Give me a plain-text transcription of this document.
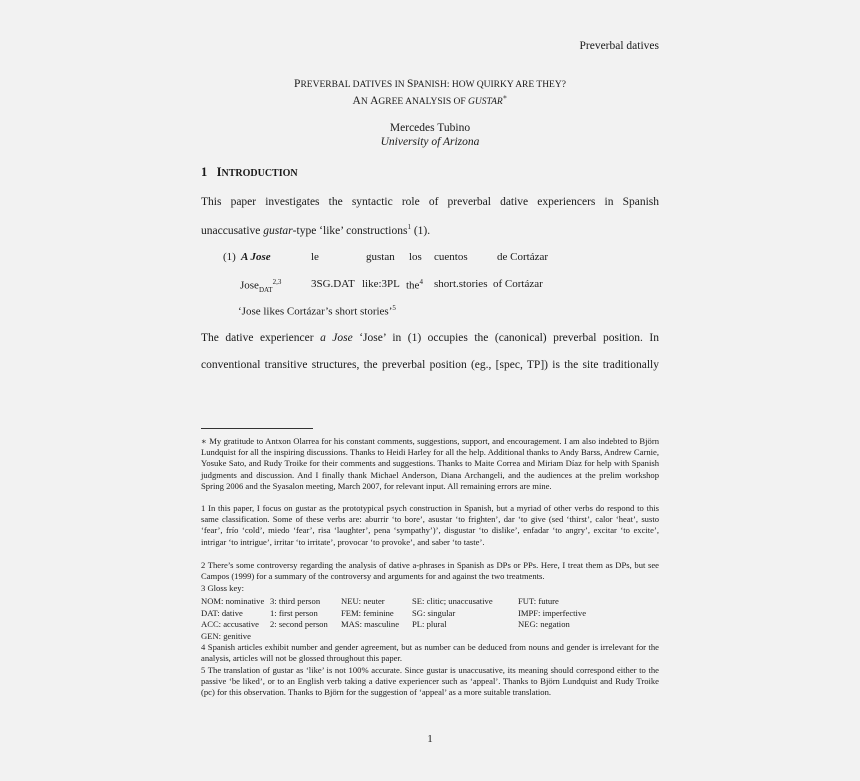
Preverbal datives
PREVERBAL DATIVES IN SPANISH: HOW QUIRKY ARE THEY?
AN AGREE ANALYSIS OF GUSTAR∗
Mercedes Tubino
University of Arizona
1 INTRODUCTION
This paper investigates the syntactic role of preverbal dative experiencers in Spanish
unaccusative gustar-type ‘like’ constructions$^1$ (1).
(1) A Jose	le	gustan los cuentos	de Cortázar
Jose$_{DAT}^{2,3}$	3SG.DAT like:3PL the$^4$ short.stories of Cortázar
‘Jose likes Cortázar’s short stories’$^5$
The dative experiencer a Jose ‘Jose’ in (1) occupies the (canonical) preverbal position. In
conventional transitive structures, the preverbal position (eg., [spec, TP]) is the site traditionally
∗ My gratitude to Antxon Olarrea for his constant comments, suggestions, support, and encouragement. I am also indebted to Björn Lundquist for all the inspiring discussions. Thanks to Heidi Harley for all the help. Additional thanks to Andy Barss, Andrew Carnie, Yosuke Sato, and Rudy Troike for their comments and suggestions. Thanks to Maite Correa and Miriam Díaz for help with Spanish judgments and discussion. And I finally thank Michael Anderson, Diana Archangeli, and the audiences at the prelim workshop Spring 2006 and the Syasalon meeting, March 2007, for relevant input. All remaining errors are mine.
1 In this paper, I focus on gustar as the prototypical psych construction in Spanish, but a myriad of other verbs do respond to this same classification. Some of these verbs are: aburrir ‘to bore’, asustar ‘to frighten’, dar ‘to give (sed ‘thirst’, calor ‘heat’, susto ‘fear’, frío ‘cold’, miedo ‘fear’, risa ‘laughter’, pena ‘sympathy’)’, disgustar ‘to dislike’, enfadar ‘to angry’, excitar ‘to excite’, intrigar ‘to intrigue’, irritar ‘to irritate’, provocar ‘to provoke’, and saber ‘to taste’.
2 There’s some controversy regarding the analysis of dative a-phrases in Spanish as DPs or PPs. Here, I treat them as DPs, but see Campos (1999) for a summary of the controversy and arguments for and against the two treatments.
3 Gloss key:
NOM: nominative 3: third person NEU: neuter	SE: clitic; unaccusative	FUT: future
DAT: dative	1: first person	FEM: feminine SG: singular	IMPF: imperfective
ACC: accusative 2: second person MAS: masculine PL: plural	NEG: negation
GEN: genitive
4 Spanish articles exhibit number and gender agreement, but as number can be deduced from nouns and gender is irrelevant for the analysis, articles will not be glossed throughout this paper.
5 The translation of gustar as ‘like’ is not 100% accurate. Since gustar is unaccusative, its meaning should correspond either to the passive ‘be liked’, or to an English verb taking a dative experiencer such as ‘appeal’. Thanks to Björn Lundquist and Rudy Troike (pc) for this observation. Thanks to Björn for the suggestion of ‘appeal’ as a more suitable translation.
1
